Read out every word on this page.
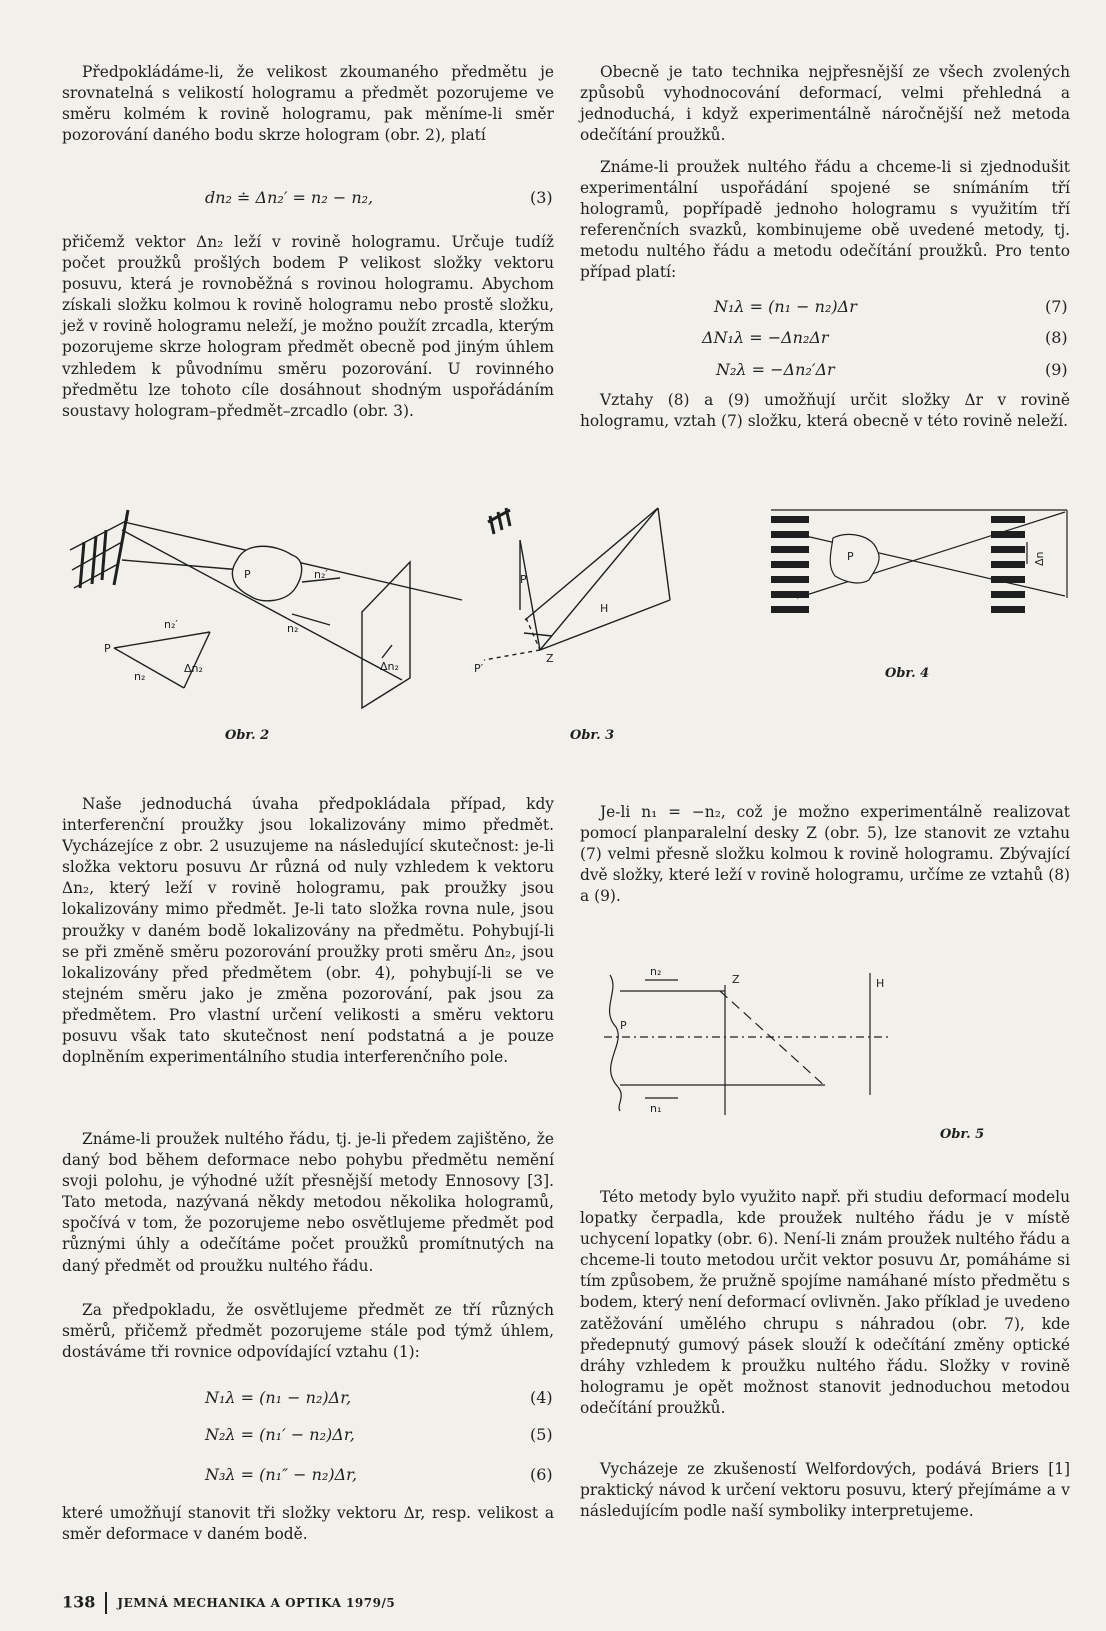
Předpokládáme-li, že velikost zkoumaného předmětu je srovnatelná s velikostí hologramu a předmět pozorujeme ve směru kolmém k rovině hologramu, pak měníme-li směr pozorování daného bodu skrze hologram (obr. 2), platí

dn₂ ≐ Δn₂′ = n₂ − n₂,	(3)

přičemž vektor Δn₂ leží v rovině hologramu. Určuje tudíž počet proužků prošlých bodem P velikost složky vektoru posuvu, která je rovnoběžná s rovinou hologramu. Abychom získali složku kolmou k rovině hologramu nebo prostě složku, jež v rovině hologramu neleží, je možno použít zrcadla, kterým pozorujeme skrze hologram předmět obecně pod jiným úhlem vzhledem k původnímu směru pozorování. U rovinného předmětu lze tohoto cíle dosáhnout shodným uspořádáním soustavy hologram–předmět–zrcadlo (obr. 3).

P
P
n₂′
n₂′	n₂
n₂
Δn₂	Δn₂
Obr. 2
P
P′
Z
H
Obr. 3
P	Δn
Obr. 4

Naše jednoduchá úvaha předpokládala případ, kdy interferenční proužky jsou lokalizovány mimo předmět. Vycházejíce z obr. 2 usuzujeme na následující skutečnost: je-li složka vektoru posuvu Δr různá od nuly vzhledem k vektoru Δn₂, který leží v rovině hologramu, pak proužky jsou lokalizovány mimo předmět. Je-li tato složka rovna nule, jsou proužky v daném bodě lokalizovány na předmětu. Pohybují-li se při změně směru pozorování proužky proti směru Δn₂, jsou lokalizovány před předmětem (obr. 4), pohybují-li se ve stejném směru jako je změna pozorování, pak jsou za předmětem. Pro vlastní určení velikosti a směru vektoru posuvu však tato skutečnost není podstatná a je pouze doplněním experimentálního studia interferenčního pole.

Známe-li proužek nultého řádu, tj. je-li předem zajištěno, že daný bod během deformace nebo pohybu předmětu nemění svoji polohu, je výhodné užít přesnější metody Ennosovy [3]. Tato metoda, nazývaná někdy metodou několika hologramů, spočívá v tom, že pozorujeme nebo osvětlujeme předmět pod různými úhly a odečítáme počet proužků promítnutých na daný předmět od proužku nultého řádu.

Za předpokladu, že osvětlujeme předmět ze tří různých směrů, přičemž předmět pozorujeme stále pod týmž úhlem, dostáváme tři rovnice odpovídající vztahu (1):

N₁λ = (n₁ − n₂)Δr,	(4)
N₂λ = (n₁′ − n₂)Δr,	(5)
N₃λ = (n₁″ − n₂)Δr,	(6)

které umožňují stanovit tři složky vektoru Δr, resp. velikost a směr deformace v daném bodě.

Obecně je tato technika nejpřesnější ze všech zvolených způsobů vyhodnocování deformací, velmi přehledná a jednoduchá, i když experimentálně náročnější než metoda odečítání proužků.

Známe-li proužek nultého řádu a chceme-li si zjednodušit experimentální uspořádání spojené se snímáním tří hologramů, popřípadě jednoho hologramu s využitím tří referenčních svazků, kombinujeme obě uvedené metody, tj. metodu nultého řádu a metodu odečítání proužků. Pro tento případ platí:

N₁λ = (n₁ − n₂)Δr	(7)
ΔN₁λ = −Δn₂Δr	(8)
N₂λ = −Δn₂′Δr	(9)

Vztahy (8) a (9) umožňují určit složky Δr v rovině hologramu, vztah (7) složku, která obecně v této rovině neleží.

Je-li n₁ = −n₂, což je možno experimentálně realizovat pomocí planparalelní desky Z (obr. 5), lze stanovit ze vztahu (7) velmi přesně složku kolmou k rovině hologramu. Zbývající dvě složky, které leží v rovině hologramu, určíme ze vztahů (8) a (9).

n₂
n₁
Z	H
P
Obr. 5

Této metody bylo využito např. při studiu deformací modelu lopatky čerpadla, kde proužek nultého řádu je v místě uchycení lopatky (obr. 6). Není-li znám proužek nultého řádu a chceme-li touto metodou určit vektor posuvu Δr, pomáháme si tím způsobem, že pružně spojíme namáhané místo předmětu s bodem, který není deformací ovlivněn. Jako příklad je uvedeno zatěžování umělého chrupu s náhradou (obr. 7), kde předepnutý gumový pásek slouží k odečítání změny optické dráhy vzhledem k proužku nultého řádu. Složky v rovině hologramu je opět možnost stanovit jednoduchou metodou odečítání proužků.

Vycházeje ze zkušeností Welfordových, podává Briers [1] praktický návod k určení vektoru posuvu, který přejímáme a v následujícím podle naší symboliky interpretujeme.

138 JEMNÁ MECHANIKA A OPTIKA 1979/5
